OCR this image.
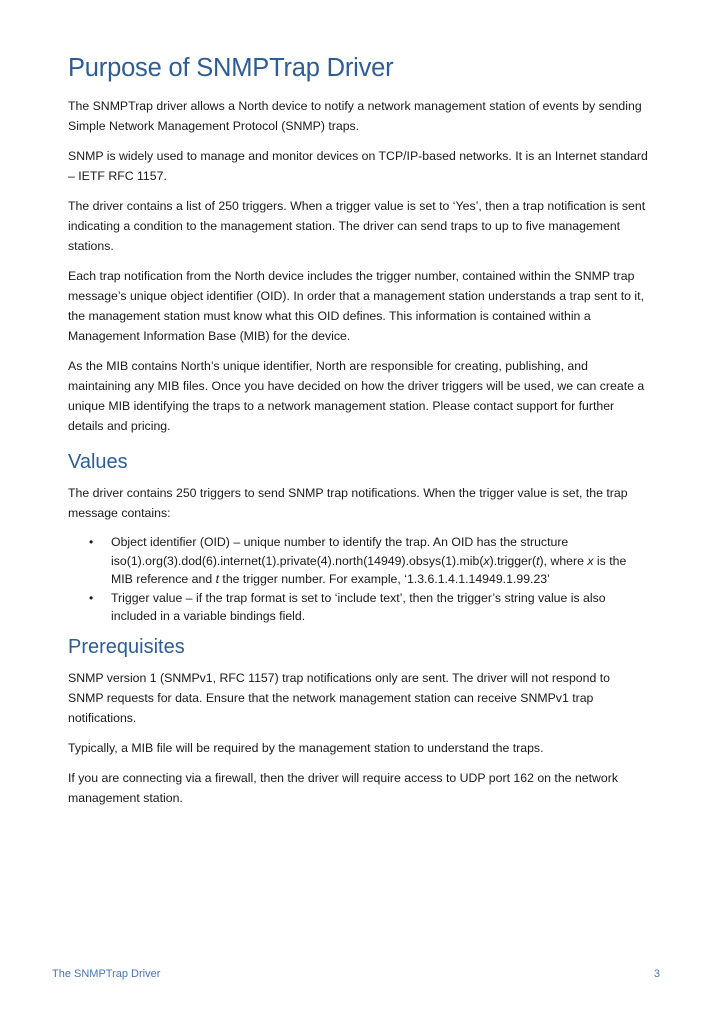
Purpose of SNMPTrap Driver

The SNMPTrap driver allows a North device to notify a network management station of events by sending Simple Network Management Protocol (SNMP) traps.

SNMP is widely used to manage and monitor devices on TCP/IP-based networks. It is an Internet standard – IETF RFC 1157.

The driver contains a list of 250 triggers. When a trigger value is set to ‘Yes’, then a trap notification is sent indicating a condition to the management station. The driver can send traps to up to five management stations.

Each trap notification from the North device includes the trigger number, contained within the SNMP trap message’s unique object identifier (OID). In order that a management station understands a trap sent to it, the management station must know what this OID defines. This information is contained within a Management Information Base (MIB) for the device.

As the MIB contains North’s unique identifier, North are responsible for creating, publishing, and maintaining any MIB files. Once you have decided on how the driver triggers will be used, we can create a unique MIB identifying the traps to a network management station. Please contact support for further details and pricing.

Values

The driver contains 250 triggers to send SNMP trap notifications. When the trigger value is set, the trap message contains:

• Object identifier (OID) – unique number to identify the trap. An OID has the structure iso(1).org(3).dod(6).internet(1).private(4).north(14949).obsys(1).mib(x).trigger(t), where x is the MIB reference and t the trigger number. For example, ‘1.3.6.1.4.1.14949.1.99.23’
• Trigger value – if the trap format is set to ‘include text’, then the trigger’s string value is also included in a variable bindings field.
Prerequisites

SNMP version 1 (SNMPv1, RFC 1157) trap notifications only are sent. The driver will not respond to SNMP requests for data. Ensure that the network management station can receive SNMPv1 trap notifications.

Typically, a MIB file will be required by the management station to understand the traps.

If you are connecting via a firewall, then the driver will require access to UDP port 162 on the network management station.

The SNMPTrap Driver	3
